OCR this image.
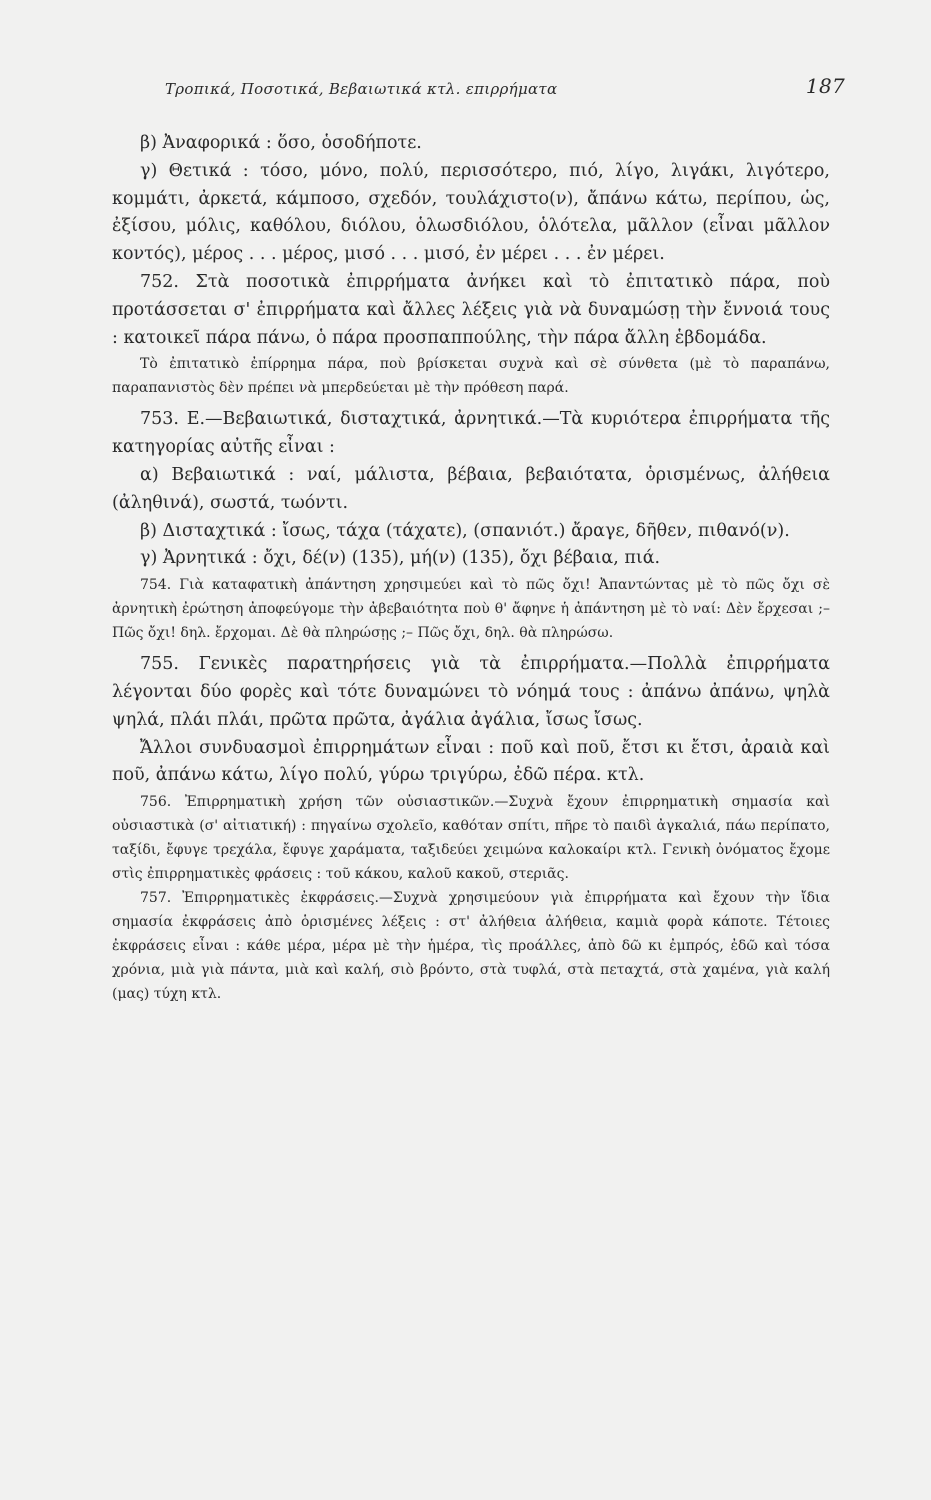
Τροπικά, Ποσοτικά, Βεβαιωτικά κτλ. επιρρήματα	187

β) Ἀναφορικά : ὅσο, ὁσοδήποτε.

γ) Θετικά : τόσο, μόνο, πολύ, περισσότερο, πιό, λίγο, λιγάκι, λιγότερο, κομμάτι, ἀρκετά, κάμποσο, σχεδόν, τουλάχιστο(ν), ἄπάνω κάτω, περίπου, ὡς, ἐξίσου, μόλις, καθόλου, διόλου, ὁλωσδιόλου, ὁλότελα, μᾶλλον (εἶναι μᾶλλον κοντός), μέρος . . . μέρος, μισό . . . μισό, ἐν μέρει . . . ἐν μέρει.

752. Στὰ ποσοτικὰ ἐπιρρήματα ἀνήκει καὶ τὸ ἐπιτατικὸ πάρα, ποὺ προτάσσεται σ' ἐπιρρήματα καὶ ἄλλες λέξεις γιὰ νὰ δυναμώσῃ τὴν ἔννοιά τους : κατοικεῖ πάρα πάνω, ὁ πάρα προσπαππούλης, τὴν πάρα ἄλλη ἑβδομάδα.

Τὸ ἐπιτατικὸ ἐπίρρημα πάρα, ποὺ βρίσκεται συχνὰ καὶ σὲ σύνθετα (μὲ τὸ παραπάνω, παραπανιστὸς δὲν πρέπει νὰ μπερδεύεται μὲ τὴν πρόθεση παρά.

753. Ε.—Βεβαιωτικά, δισταχτικά, ἀρνητικά.—Τὰ κυριότερα ἐπιρρήματα τῆς κατηγορίας αὐτῆς εἶναι :

α) Βεβαιωτικά : ναί, μάλιστα, βέβαια, βεβαιότατα, ὁρισμένως, ἀλήθεια (ἀληθινά), σωστά, τωόντι.

β) Δισταχτικά : ἴσως, τάχα (τάχατε), (σπανιότ.) ἄραγε, δῆθεν, πιθανό(ν).

γ) Ἀρνητικά : ὄχι, δέ(ν) (135), μή(ν) (135), ὄχι βέβαια, πιά.

754. Γιὰ καταφατικὴ ἀπάντηση χρησιμεύει καὶ τὸ πῶς ὄχι! Ἀπαντώντας μὲ τὸ πῶς ὄχι σὲ ἀρνητικὴ ἐρώτηση ἀποφεύγομε τὴν ἀβεβαιότητα ποὺ θ' ἄφηνε ἡ ἀπάντηση μὲ τὸ ναί: Δὲν ἔρχεσαι ;– Πῶς ὄχι! δηλ. ἔρχομαι. Δὲ θὰ πληρώσῃς ;– Πῶς ὄχι, δηλ. θὰ πληρώσω.

755. Γενικὲς παρατηρήσεις γιὰ τὰ ἐπιρρήματα.—Πολλὰ ἐπιρρήματα λέγονται δύο φορὲς καὶ τότε δυναμώνει τὸ νόημά τους : ἀπάνω ἀπάνω, ψηλὰ ψηλά, πλάι πλάι, πρῶτα πρῶτα, ἀγάλια ἀγάλια, ἴσως ἴσως.

Ἄλλοι συνδυασμοὶ ἐπιρρημάτων εἶναι : ποῦ καὶ ποῦ, ἔτσι κι ἔτσι, ἀραιὰ καὶ ποῦ, ἀπάνω κάτω, λίγο πολύ, γύρω τριγύρω, ἐδῶ πέρα. κτλ.

756. Ἐπιρρηματικὴ χρήση τῶν οὐσιαστικῶν.—Συχνὰ ἔχουν ἐπιρρηματικὴ σημασία καὶ οὐσιαστικὰ (σ' αἰτιατική) : πηγαίνω σχολεῖο, καθόταν σπίτι, πῆρε τὸ παιδὶ ἀγκαλιά, πάω περίπατο, ταξίδι, ἔφυγε τρεχάλα, ἔφυγε χαράματα, ταξιδεύει χειμώνα καλοκαίρι κτλ. Γενικὴ ὀνόματος ἔχομε στὶς ἐπιρρηματικὲς φράσεις : τοῦ κάκου, καλοῦ κακοῦ, στεριᾶς.

757. Ἐπιρρηματικὲς ἐκφράσεις.—Συχνὰ χρησιμεύουν γιὰ ἐπιρρήματα καὶ ἔχουν τὴν ἴδια σημασία ἐκφράσεις ἀπὸ ὁρισμένες λέξεις : στ' ἀλήθεια ἀλήθεια, καμιὰ φορὰ κάποτε. Τέτοιες ἐκφράσεις εἶναι : κάθε μέρα, μέρα μὲ τὴν ἡμέρα, τὶς προάλλες, ἀπὸ δῶ κι ἐμπρός, ἐδῶ καὶ τόσα χρόνια, μιὰ γιὰ πάντα, μιὰ καὶ καλή, σιὸ βρόντο, στὰ τυφλά, στὰ πεταχτά, στὰ χαμένα, γιὰ καλή (μας) τύχη κτλ.
